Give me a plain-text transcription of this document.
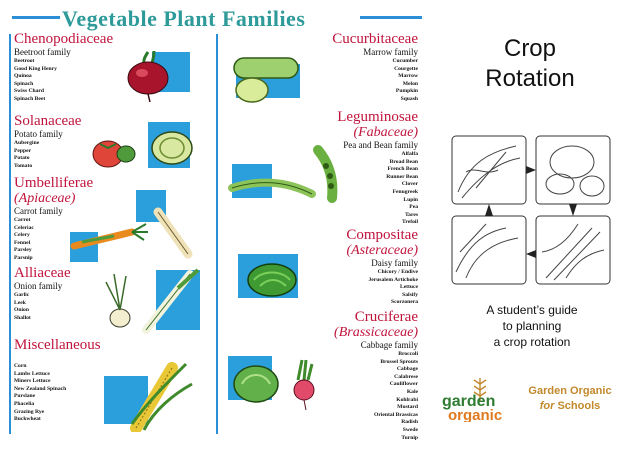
Vegetable Plant Families
Chenopodiaceae
Beetroot family
Beetroot
Good King Henry
Quinoa
Spinach
Swiss Chard
Spinach Beet
Solanaceae
Potato family
Aubergine
Pepper
Potato
Tomato
Umbelliferae
(Apiaceae)
Carrot family
Carrot
Celeriac
Celery
Fennel
Parsley
Parsnip
Alliaceae
Onion family
Garlic
Leek
Onion
Shallot
Miscellaneous
Corn
Lambs Lettuce
Miners Lettuce
New Zealand Spinach
Purslane
Phacelia
Grazing Rye
Buckwheat
Cucurbitaceae
Marrow family
Cucumber
Courgette
Marrow
Melon
Pumpkin
Squash
Leguminosae
(Fabaceae)
Pea and Bean family
Alfalfa
Broad Bean
French Bean
Runner Bean
Clover
Fenugreek
Lupin
Pea
Tares
Trefoil
Compositae
(Asteraceae)
Daisy family
Chicory / Endive
Jerusalem Artichoke
Lettuce
Salsify
Scorzonera
Cruciferae
(Brassicaceae)
Cabbage family
Broccoli
Brussel Sprouts
Cabbage
Calabrese
Cauliflower
Kale
Kohlrabi
Mustard
Oriental Brassicas
Radish
Swede
Turnip
Crop
Rotation
A student’s guide
to planning
a crop rotation
garden
organic
Garden Organic
for Schools
